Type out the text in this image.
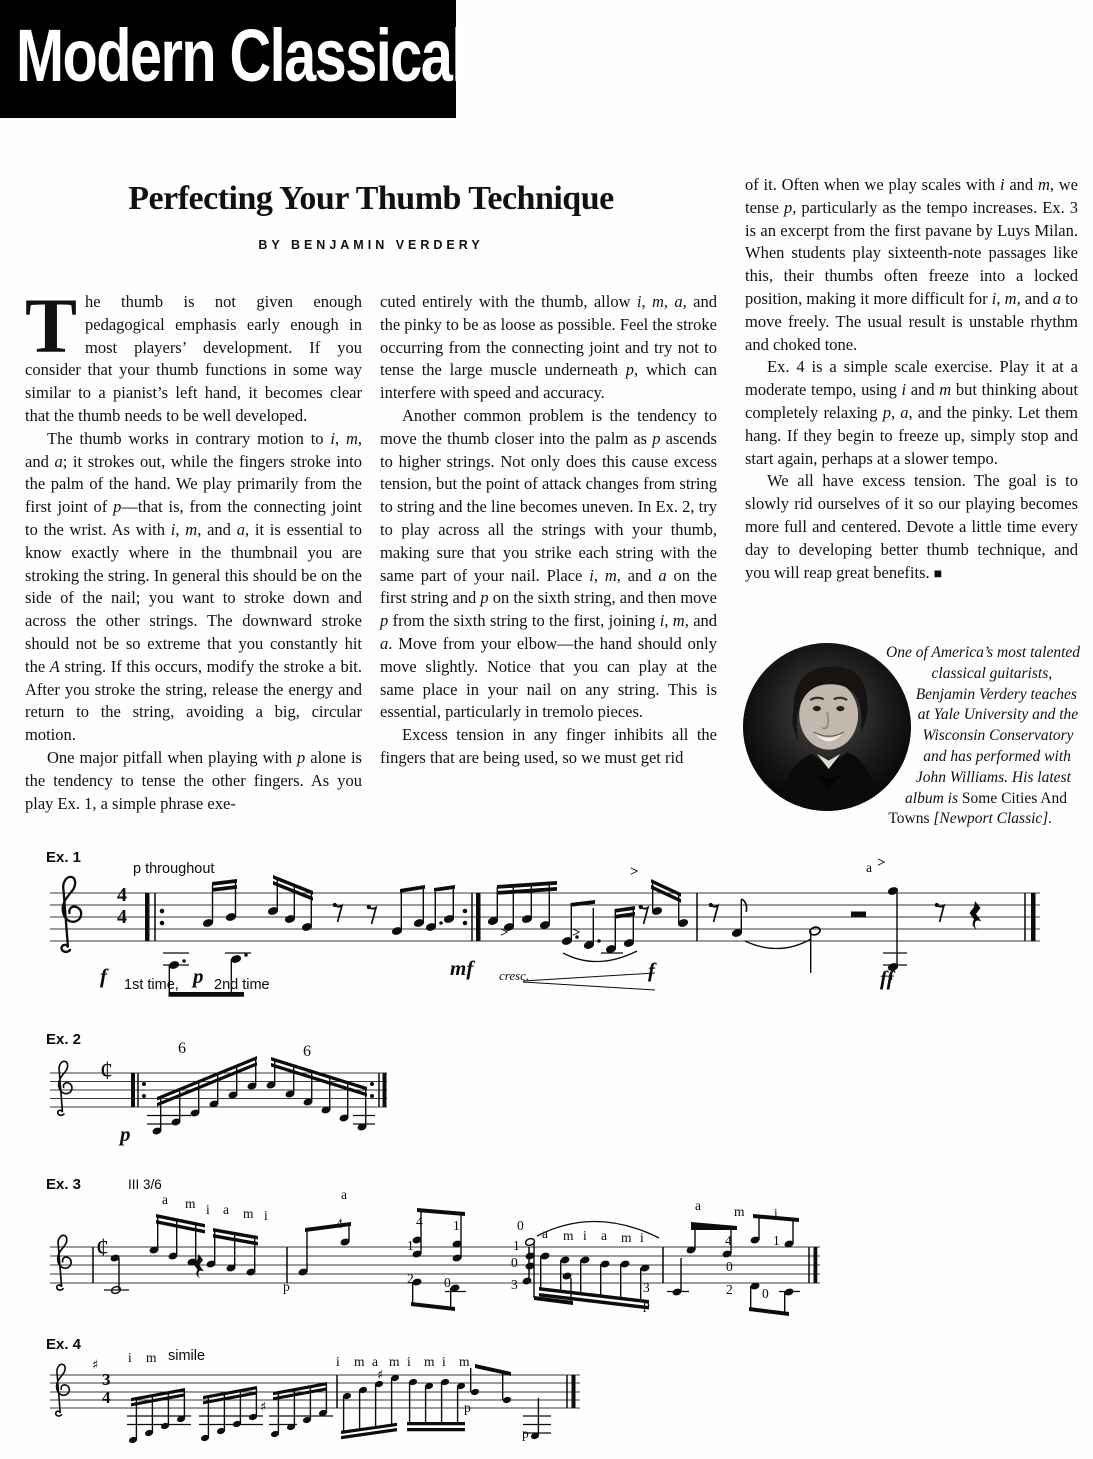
Modern Classical
Perfecting Your Thumb Technique
BY BENJAMIN VERDERY

The thumb is not given enough pedagogical emphasis early enough in most players’ development. If you consider that your thumb functions in some way similar to a pianist’s left hand, it becomes clear that the thumb needs to be well developed.

The thumb works in contrary motion to i, m, and a; it strokes out, while the fingers stroke into the palm of the hand. We play primarily from the first joint of p—that is, from the connecting joint to the wrist. As with i, m, and a, it is essential to know exactly where in the thumbnail you are stroking the string. In general this should be on the side of the nail; you want to stroke down and across the other strings. The downward stroke should not be so extreme that you constantly hit the A string. If this occurs, modify the stroke a bit. After you stroke the string, release the energy and return to the string, avoiding a big, circular motion.

One major pitfall when playing with p alone is the tendency to tense the other fingers. As you play Ex. 1, a simple phrase exe-

cuted entirely with the thumb, allow i, m, a, and the pinky to be as loose as possible. Feel the stroke occurring from the connecting joint and try not to tense the large muscle underneath p, which can interfere with speed and accuracy.

Another common problem is the tendency to move the thumb closer into the palm as p ascends to higher strings. Not only does this cause excess tension, but the point of attack changes from string to string and the line becomes uneven. In Ex. 2, try to play across all the strings with your thumb, making sure that you strike each string with the same part of your nail. Place i, m, and a on the first string and p on the sixth string, and then move p from the sixth string to the first, joining i, m, and a. Move from your elbow—the hand should only move slightly. Notice that you can play at the same place in your nail on any string. This is essential, particularly in tremolo pieces.

Excess tension in any finger inhibits all the fingers that are being used, so we must get rid

of it. Often when we play scales with i and m, we tense p, particularly as the tempo increases. Ex. 3 is an excerpt from the first pavane by Luys Milan. When students play sixteenth-note passages like this, their thumbs often freeze into a locked position, making it more difficult for i, m, and a to move freely. The usual result is unstable rhythm and choked tone.

Ex. 4 is a simple scale exercise. Play it at a moderate tempo, using i and m but thinking about completely relaxing p, a, and the pinky. Let them hang. If they begin to freeze up, simply stop and start again, perhaps at a slower tempo.

We all have excess tension. The goal is to slowly rid ourselves of it so our playing becomes more full and centered. Devote a little time every day to developing better thumb technique, and you will reap great benefits. ■

One of America’s most talented classical guitarists, Benjamin Verdery teaches at Yale University and the Wisconsin Conservatory and has performed with John Williams. His latest album is Some Cities And Towns [Newport Classic].

Ex. 1
p throughout
4
4
f 1st time, p 2nd time
>	>
mf cresc.
>
f
a >
ff
Ex. 2
¢
6	6
p
Ex. 3	III 3/6
¢
a m i a m i
a
4	4 1
1
2 0
p
0
1
0
3
a m i a m i
3
p
a m i
4	1
0
2 0
Ex. 4
♯
3
4
i m simile	i m a m i m i m
♯
♯	p
p
